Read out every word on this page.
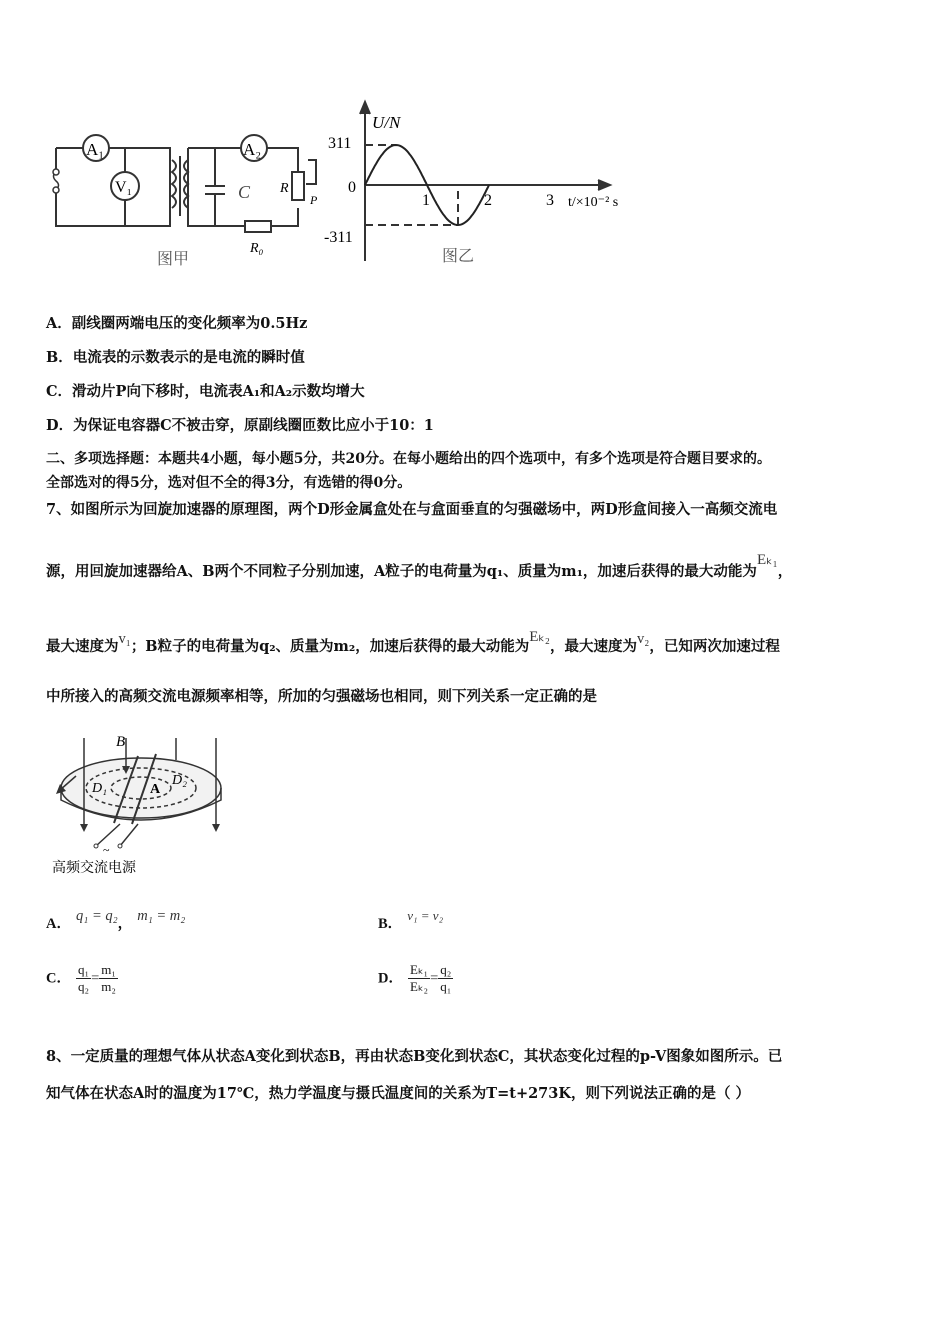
A₁
V₁
A₂
C R
P
R₀
图甲
U/N
311
0
-311
1	2	3 t/×10⁻² s
图乙
A．副线圈两端电压的变化频率为0.5Hz
B．电流表的示数表示的是电流的瞬时值
C．滑动片P向下移时，电流表A₁和A₂示数均增大
D．为保证电容器C不被击穿，原副线圈匝数比应小于10：1
二、多项选择题：本题共4小题，每小题5分，共20分。在每小题给出的四个选项中，有多个选项是符合题目要求的。
全部选对的得5分，选对但不全的得3分，有选错的得0分。
7、如图所示为回旋加速器的原理图，两个D形金属盒处在与盒面垂直的匀强磁场中，两D形盒间接入一高频交流电
源，用回旋加速器给A、B两个不同粒子分别加速，A粒子的电荷量为q₁、质量为m₁，加速后获得的最大动能为Eₖ₁，
最大速度为v₁；B粒子的电荷量为q₂、质量为m₂，加速后获得的最大动能为Eₖ₂，最大速度为v₂，已知两次加速过程
中所接入的高频交流电源频率相等，所加的匀强磁场也相同，则下列关系一定正确的是
B
D₁
D₂
A
~
高频交流电源
A． q₁ = q₂， m₁ = m₂	B． v₁ = v₂
C． $\frac{\text{q₁}}{\text{q₂}} = \frac{\text{m₁}}{\text{m₂}}$	D． $\frac{\text{Eₖ₁}}{\text{Eₖ₂}} = \frac{\text{q₂}}{\text{q₁}}$
8、一定质量的理想气体从状态A变化到状态B，再由状态B变化到状态C，其状态变化过程的p-V图象如图所示。已
知气体在状态A时的温度为17℃，热力学温度与摄氏温度间的关系为T=t+273K，则下列说法正确的是（ ）
